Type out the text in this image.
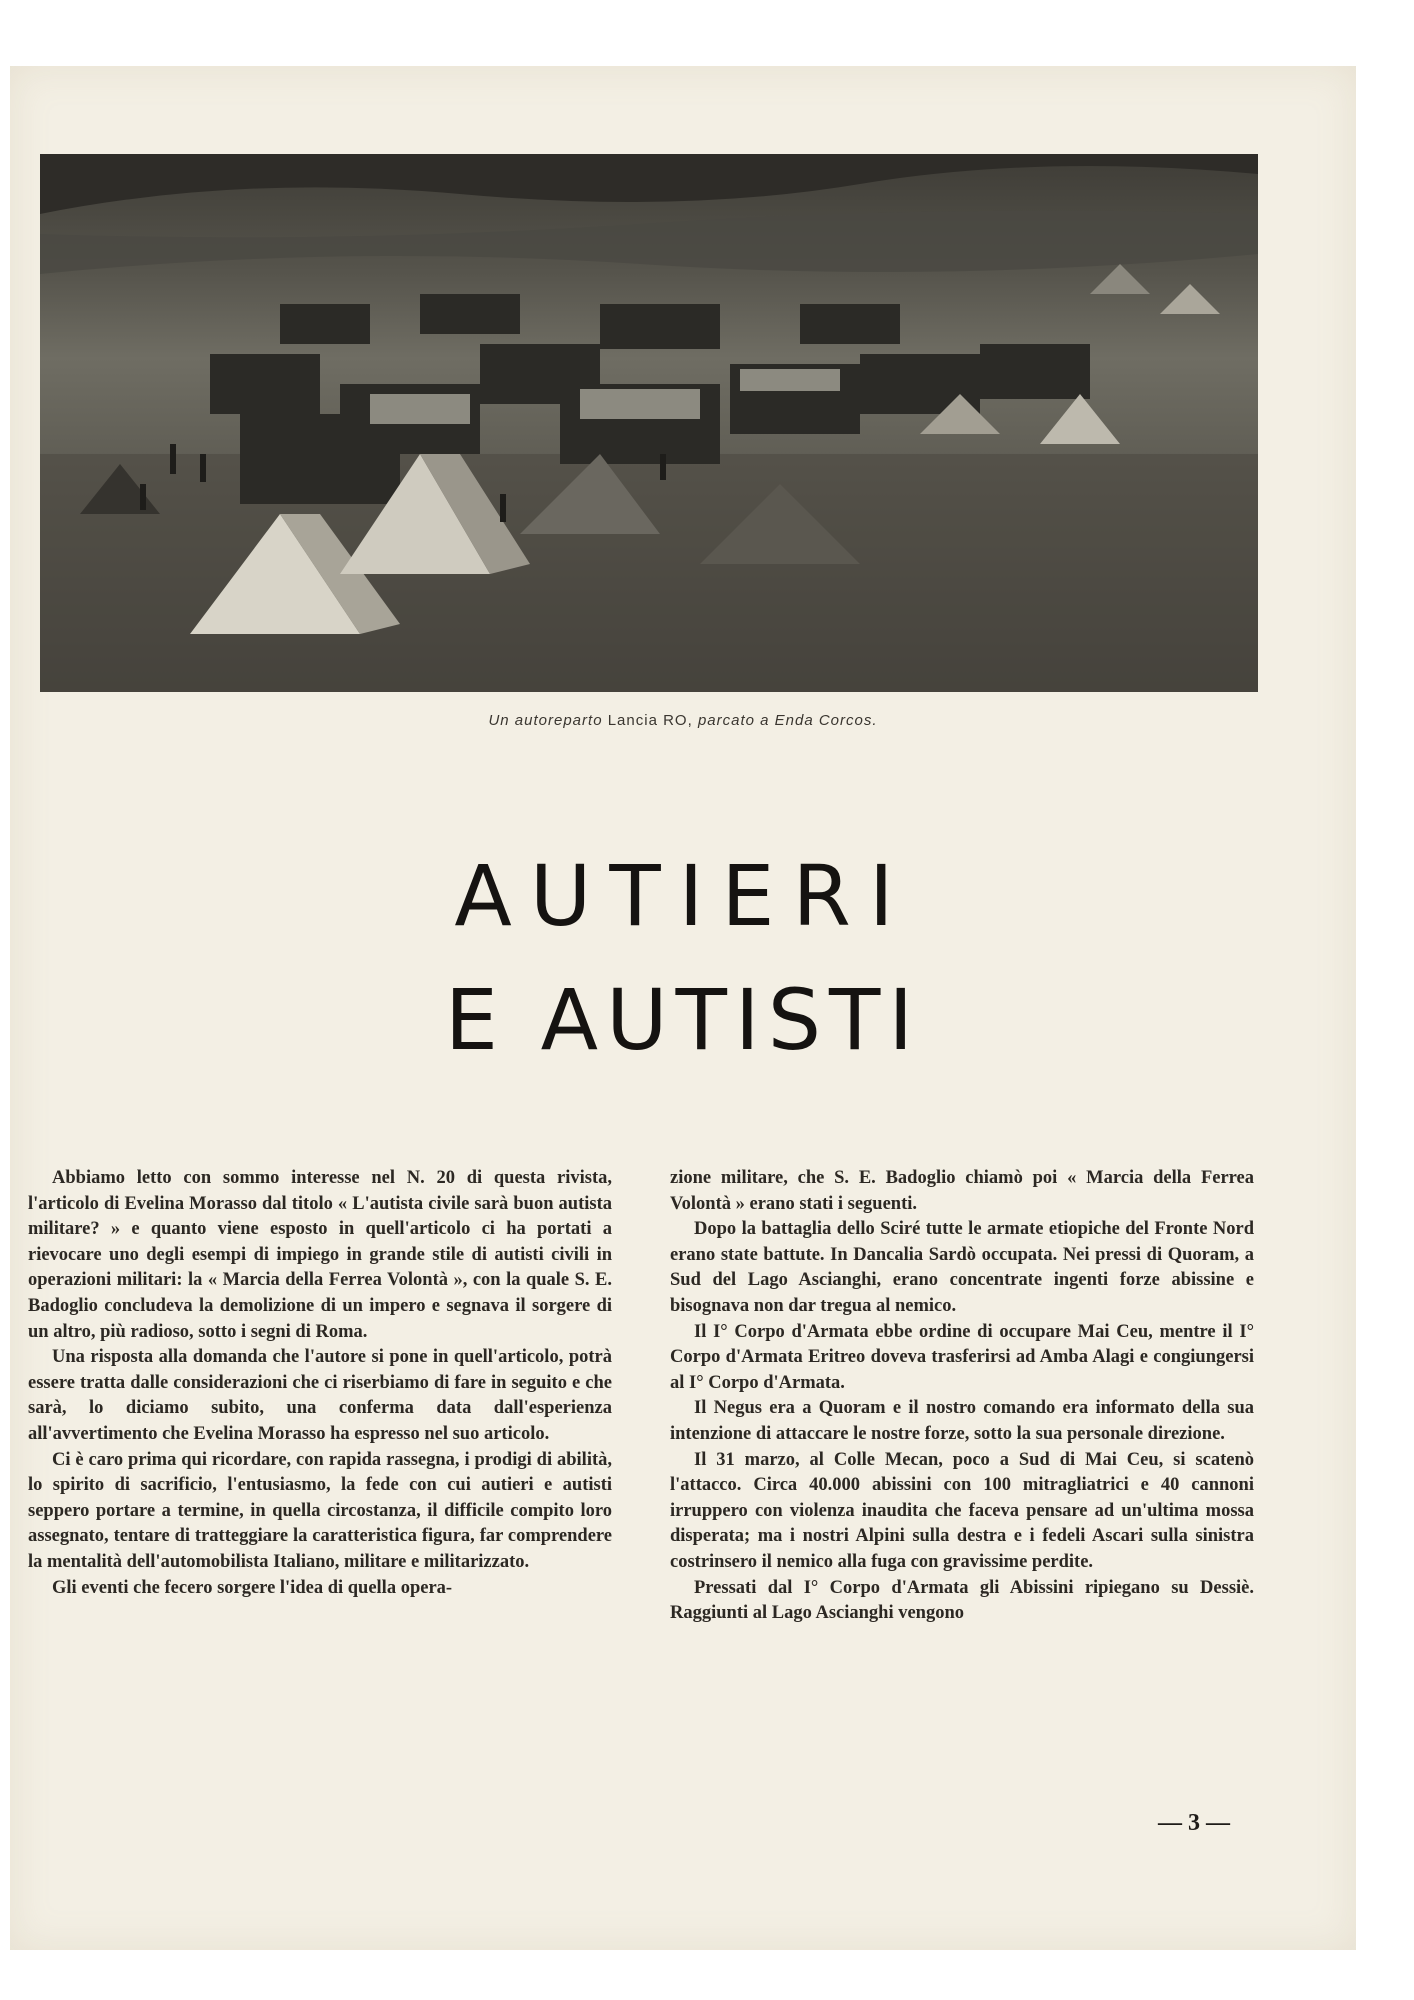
Un autoreparto Lancia RO, parcato a Enda Corcos.
AUTIERI
E AUTISTI

Abbiamo letto con sommo interesse nel N. 20 di questa rivista, l'articolo di Evelina Morasso dal titolo « L'autista civile sarà buon autista militare? » e quanto viene esposto in quell'articolo ci ha portati a rievocare uno degli esempi di impiego in grande stile di autisti civili in operazioni militari: la « Marcia della Ferrea Volontà », con la quale S. E. Badoglio concludeva la demolizione di un impero e segnava il sorgere di un altro, più radioso, sotto i segni di Roma.

Una risposta alla domanda che l'autore si pone in quell'articolo, potrà essere tratta dalle considerazioni che ci riserbiamo di fare in seguito e che sarà, lo diciamo subito, una conferma data dall'esperienza all'avvertimento che Evelina Morasso ha espresso nel suo articolo.

Ci è caro prima qui ricordare, con rapida rassegna, i prodigi di abilità, lo spirito di sacrificio, l'entusiasmo, la fede con cui autieri e autisti seppero portare a termine, in quella circostanza, il difficile compito loro assegnato, tentare di tratteggiare la caratteristica figura, far comprendere la mentalità dell'automobilista Italiano, militare e militarizzato.

Gli eventi che fecero sorgere l'idea di quella opera-

zione militare, che S. E. Badoglio chiamò poi « Marcia della Ferrea Volontà » erano stati i seguenti.

Dopo la battaglia dello Sciré tutte le armate etiopiche del Fronte Nord erano state battute. In Dancalia Sardò occupata. Nei pressi di Quoram, a Sud del Lago Ascianghi, erano concentrate ingenti forze abissine e bisognava non dar tregua al nemico.

Il I° Corpo d'Armata ebbe ordine di occupare Mai Ceu, mentre il I° Corpo d'Armata Eritreo doveva trasferirsi ad Amba Alagi e congiungersi al I° Corpo d'Armata.

Il Negus era a Quoram e il nostro comando era informato della sua intenzione di attaccare le nostre forze, sotto la sua personale direzione.

Il 31 marzo, al Colle Mecan, poco a Sud di Mai Ceu, si scatenò l'attacco. Circa 40.000 abissini con 100 mitragliatrici e 40 cannoni irruppero con violenza inaudita che faceva pensare ad un'ultima mossa disperata; ma i nostri Alpini sulla destra e i fedeli Ascari sulla sinistra costrinsero il nemico alla fuga con gravissime perdite.

Pressati dal I° Corpo d'Armata gli Abissini ripiegano su Dessiè. Raggiunti al Lago Ascianghi vengono

— 3 —
